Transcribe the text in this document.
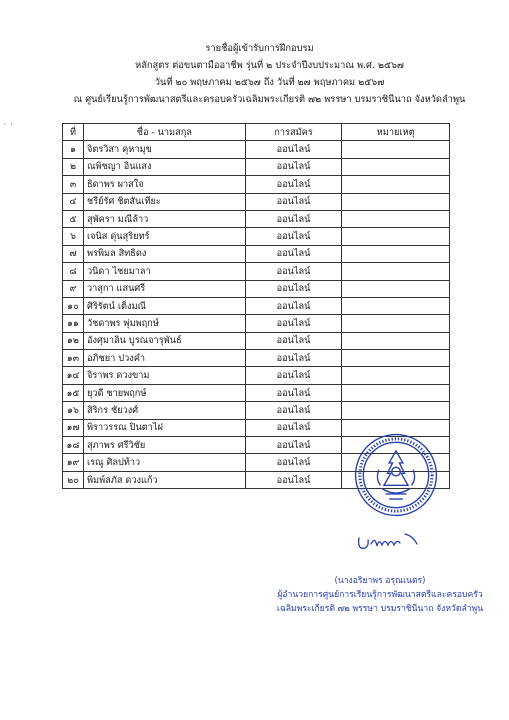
รายชื่อผู้เข้ารับการฝึกอบรม
หลักสูตร ต่อขนตามืออาชีพ รุ่นที่ ๒ ประจำปีงบประมาณ พ.ศ. ๒๕๖๗
วันที่ ๒๐ พฤษภาคม ๒๕๖๗ ถึง วันที่ ๒๗ พฤษภาคม ๒๕๖๗
ณ ศูนย์เรียนรู้การพัฒนาสตรีและครอบครัวเฉลิมพระเกียรติ ๗๒ พรรษา บรมราชินีนาถ จังหวัดลำพูน
· ·
ที่	ชื่อ - นามสกุล	การสมัคร	หมายเหตุ
๑	จิตรวิสา คุหามุข	ออนไลน์	
๒	ณพิชญา อินแสง	ออนไลน์	
๓	ธิดาพร ผาสใจ	ออนไลน์	
๔	ชรีย์รัศ ชิตสันเทียะ	ออนไลน์	
๕	สุพัครา มณีล้าว	ออนไลน์	
๖	เจนิส ดุ่นสุริยทร์	ออนไลน์	
๗	พรพิมล สิทธิดง	ออนไลน์	
๘	วนิดา ไชยมาลา	ออนไลน์	
๙	วาสุกา แสนศรี	ออนไลน์	
๑๐	ศิริรัตน์ เต็งมณี	ออนไลน์	
๑๑	วัชดาพร พุ่มพฤกษ์	ออนไลน์	
๑๒	อังศุมาลิน บูรณจารุพันธ์	ออนไลน์	
๑๓	อภิชยา ปวงคำ	ออนไลน์	
๑๔	จิราพร ดวงขาม	ออนไลน์	
๑๕	ยุวดี ชายพฤกษ์	ออนไลน์	
๑๖	สิริกร ชัยวงศ์	ออนไลน์	
๑๗	พิราวรรณ ปินตาไฝ	ออนไลน์	
๑๘	สุภาพร ศรีวิชัย	ออนไลน์	
๑๙	เรณู ศิลปท้าว	ออนไลน์	
๒๐	พิมพ์ลภัส ดวงแก้ว	ออนไลน์	
(นางอริยาพร อรุณเนตร)
ผู้อำนวยการศูนย์การเรียนรู้การพัฒนาสตรีและครอบครัว
เฉลิมพระเกียรติ ๗๒ พรรษา บรมราชินีนาถ จังหวัดลำพูน
